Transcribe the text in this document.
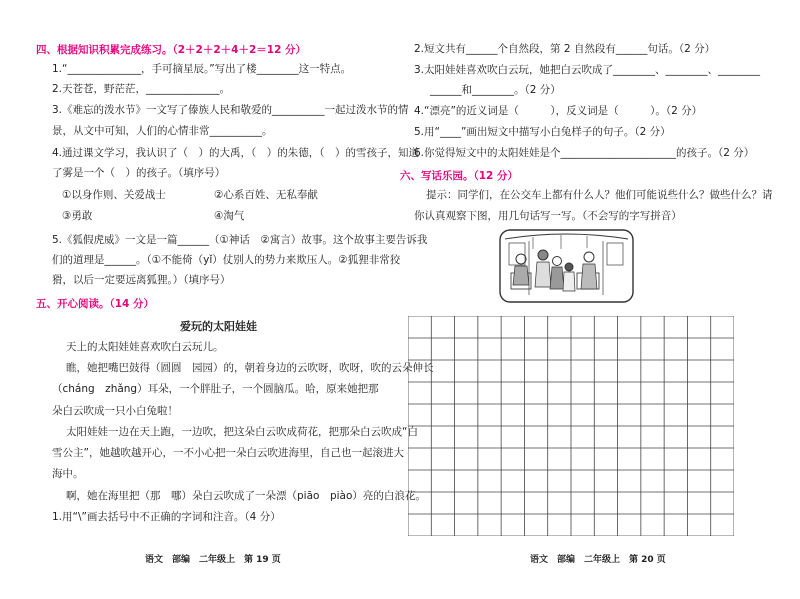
四、根据知识积累完成练习。（2＋2＋2＋4＋2＝12 分）
1.“______________，手可摘星辰。”写出了楼________这一特点。
2.天苍苍，野茫茫，______________。
3.《难忘的泼水节》一文写了傣族人民和敬爱的__________一起过泼水节的情
景，从文中可知，人们的心情非常__________。
4.通过课文学习，我认识了（　）的大禹，（　）的朱德，（　）的雪孩子，知道
了雾是一个（　）的孩子。（填序号）
①以身作则、关爱战士	②心系百姓、无私奉献
③勇敢	④淘气
5.《狐假虎威》一文是一篇______（①神话　②寓言）故事。这个故事主要告诉我
们的道理是______。（①不能倚（yǐ）仗别人的势力来欺压人。②狐狸非常狡
猾，以后一定要远离狐狸。）（填序号）
五、开心阅读。（14 分）
爱玩的太阳娃娃
天上的太阳娃娃喜欢吹白云玩儿。
瞧，她把嘴巴鼓得（圆圆　园园）的，朝着身边的云吹呀，吹呀，吹的云朵伸长
（cháng　zhǎng）耳朵，一个胖肚子，一个圆脑瓜。哈，原来她把那
朵白云吹成一只小白兔啦！
太阳娃娃一边在天上跑，一边吹，把这朵白云吹成荷花，把那朵白云吹成“白
雪公主”，她越吹越开心，一不小心把一朵白云吹进海里，自己也一起滚进大
海中。
啊，她在海里把（那　哪）朵白云吹成了一朵漂（piāo　piào）亮的白浪花。
1.用“\”画去括号中不正确的字词和注音。（4 分）
语文　部编　二年级上　第 19 页
2.短文共有______个自然段，第 2 自然段有______句话。（2 分）
3.太阳娃娃喜欢吹白云玩，她把白云吹成了________、________、________
______和________。（2 分）
4.“漂亮”的近义词是（　　　），反义词是（　　　）。（2 分）
5.用“____”画出短文中描写小白兔样子的句子。（2 分）
6.你觉得短文中的太阳娃娃是个______________________的孩子。（2 分）
六、写话乐园。（12 分）
提示：同学们，在公交车上都有什么人？他们可能说些什么？做些什么？请
你认真观察下图，用几句话写一写。（不会写的字写拼音）
语文　部编　二年级上　第 20 页
